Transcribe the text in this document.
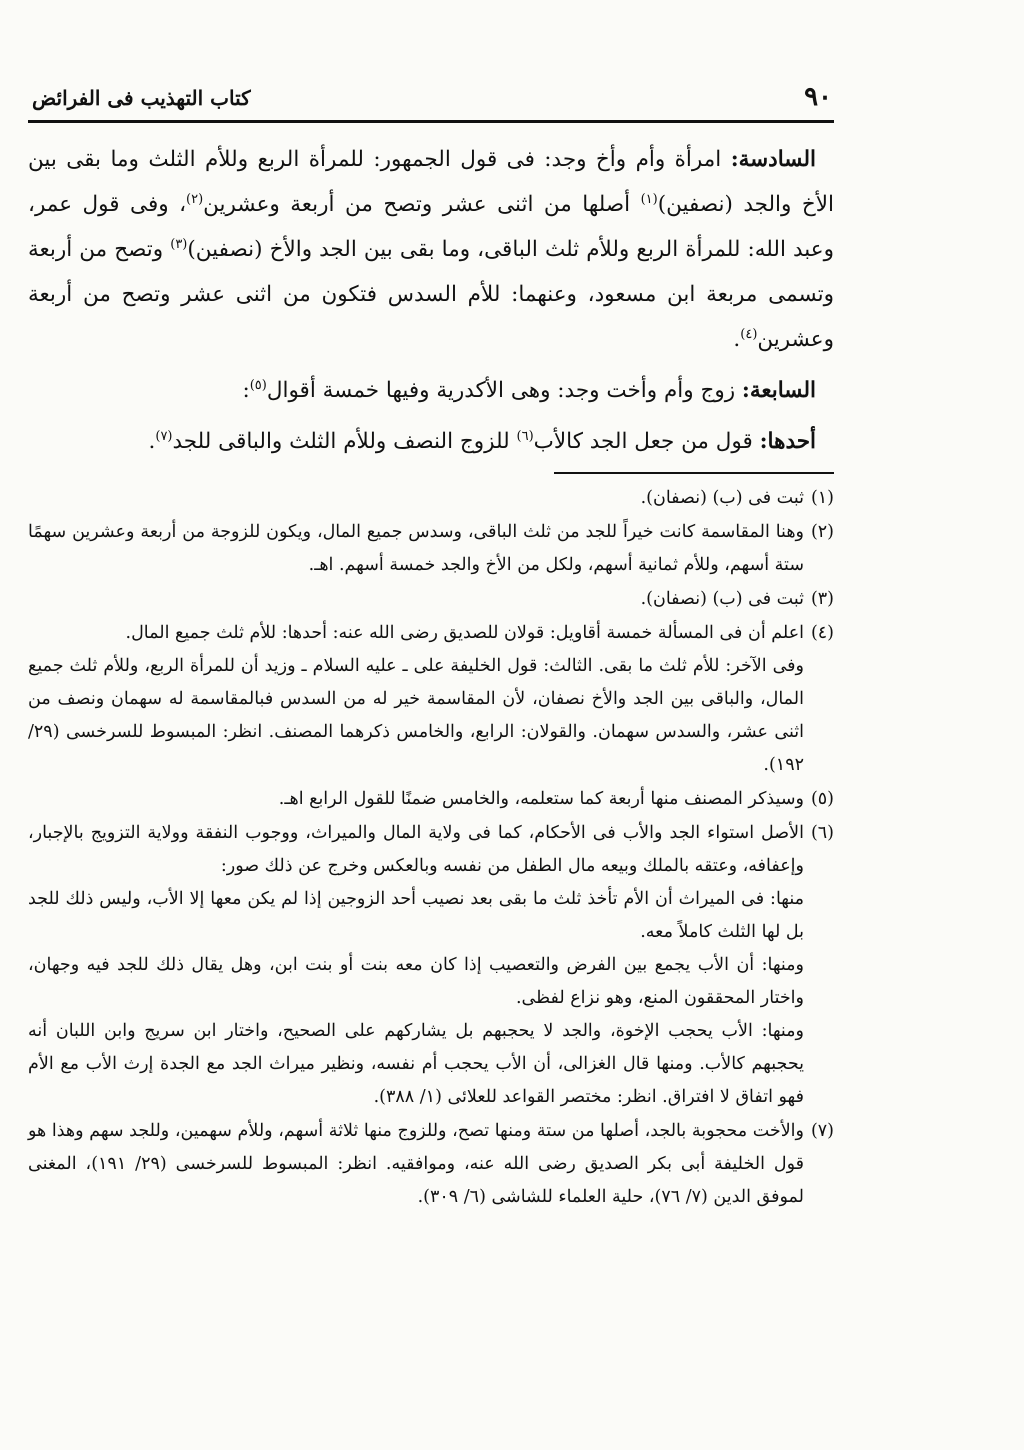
٩٠
كتاب التهذيب فى الفرائض

السادسة: امرأة وأم وأخ وجد: فى قول الجمهور: للمرأة الربع وللأم الثلث وما بقى بين الأخ والجد (نصفين)$^{(١)}$ أصلها من اثنى عشر وتصح من أربعة وعشرين$^{(٢)}$، وفى قول عمر، وعبد الله: للمرأة الربع وللأم ثلث الباقى، وما بقى بين الجد والأخ (نصفين)$^{(٣)}$ وتصح من أربعة وتسمى مربعة ابن مسعود، وعنهما: للأم السدس فتكون من اثنى عشر وتصح من أربعة وعشرين$^{(٤)}$.

السابعة: زوج وأم وأخت وجد: وهى الأكدرية وفيها خمسة أقوال$^{(٥)}$:

أحدها: قول من جعل الجد كالأب$^{(٦)}$ للزوج النصف وللأم الثلث والباقى للجد$^{(٧)}$.

(١)
ثبت فى (ب) (نصفان).
(٢)
وهنا المقاسمة كانت خيراً للجد من ثلث الباقى، وسدس جميع المال، ويكون للزوجة من أربعة وعشرين سهمًا ستة أسهم، وللأم ثمانية أسهم، ولكل من الأخ والجد خمسة أسهم. اهـ.
(٣)
ثبت فى (ب) (نصفان).
(٤)
اعلم أن فى المسألة خمسة أقاويل: قولان للصديق رضى الله عنه: أحدها: للأم ثلث جميع المال.
وفى الآخر: للأم ثلث ما بقى. الثالث: قول الخليفة على ـ عليه السلام ـ وزيد أن للمرأة الربع، وللأم ثلث جميع المال، والباقى بين الجد والأخ نصفان، لأن المقاسمة خير له من السدس فبالمقاسمة له سهمان ونصف من اثنى عشر، والسدس سهمان. والقولان: الرابع، والخامس ذكرهما المصنف. انظر: المبسوط للسرخسى (٢٩/ ١٩٢).
(٥)
وسيذكر المصنف منها أربعة كما ستعلمه، والخامس ضمنًا للقول الرابع اهـ.
(٦)
الأصل استواء الجد والأب فى الأحكام، كما فى ولاية المال والميراث، ووجوب النفقة وولاية التزويج بالإجبار، وإعفافه، وعتقه بالملك وبيعه مال الطفل من نفسه وبالعكس وخرج عن ذلك صور:
منها: فى الميراث أن الأم تأخذ ثلث ما بقى بعد نصيب أحد الزوجين إذا لم يكن معها إلا الأب، وليس ذلك للجد بل لها الثلث كاملاً معه.
ومنها: أن الأب يجمع بين الفرض والتعصيب إذا كان معه بنت أو بنت ابن، وهل يقال ذلك للجد فيه وجهان، واختار المحققون المنع، وهو نزاع لفظى.
ومنها: الأب يحجب الإخوة، والجد لا يحجبهم بل يشاركهم على الصحيح، واختار ابن سريج وابن اللبان أنه يحجبهم كالأب. ومنها قال الغزالى، أن الأب يحجب أم نفسه، ونظير ميراث الجد مع الجدة إرث الأب مع الأم فهو اتفاق لا افتراق. انظر: مختصر القواعد للعلائى (١/ ٣٨٨).
(٧)
والأخت محجوبة بالجد، أصلها من ستة ومنها تصح، وللزوج منها ثلاثة أسهم، وللأم سهمين، وللجد سهم وهذا هو قول الخليفة أبى بكر الصديق رضى الله عنه، وموافقيه. انظر: المبسوط للسرخسى (٢٩/ ١٩١)، المغنى لموفق الدين (٧/ ٧٦)، حلية العلماء للشاشى (٦/ ٣٠٩).
